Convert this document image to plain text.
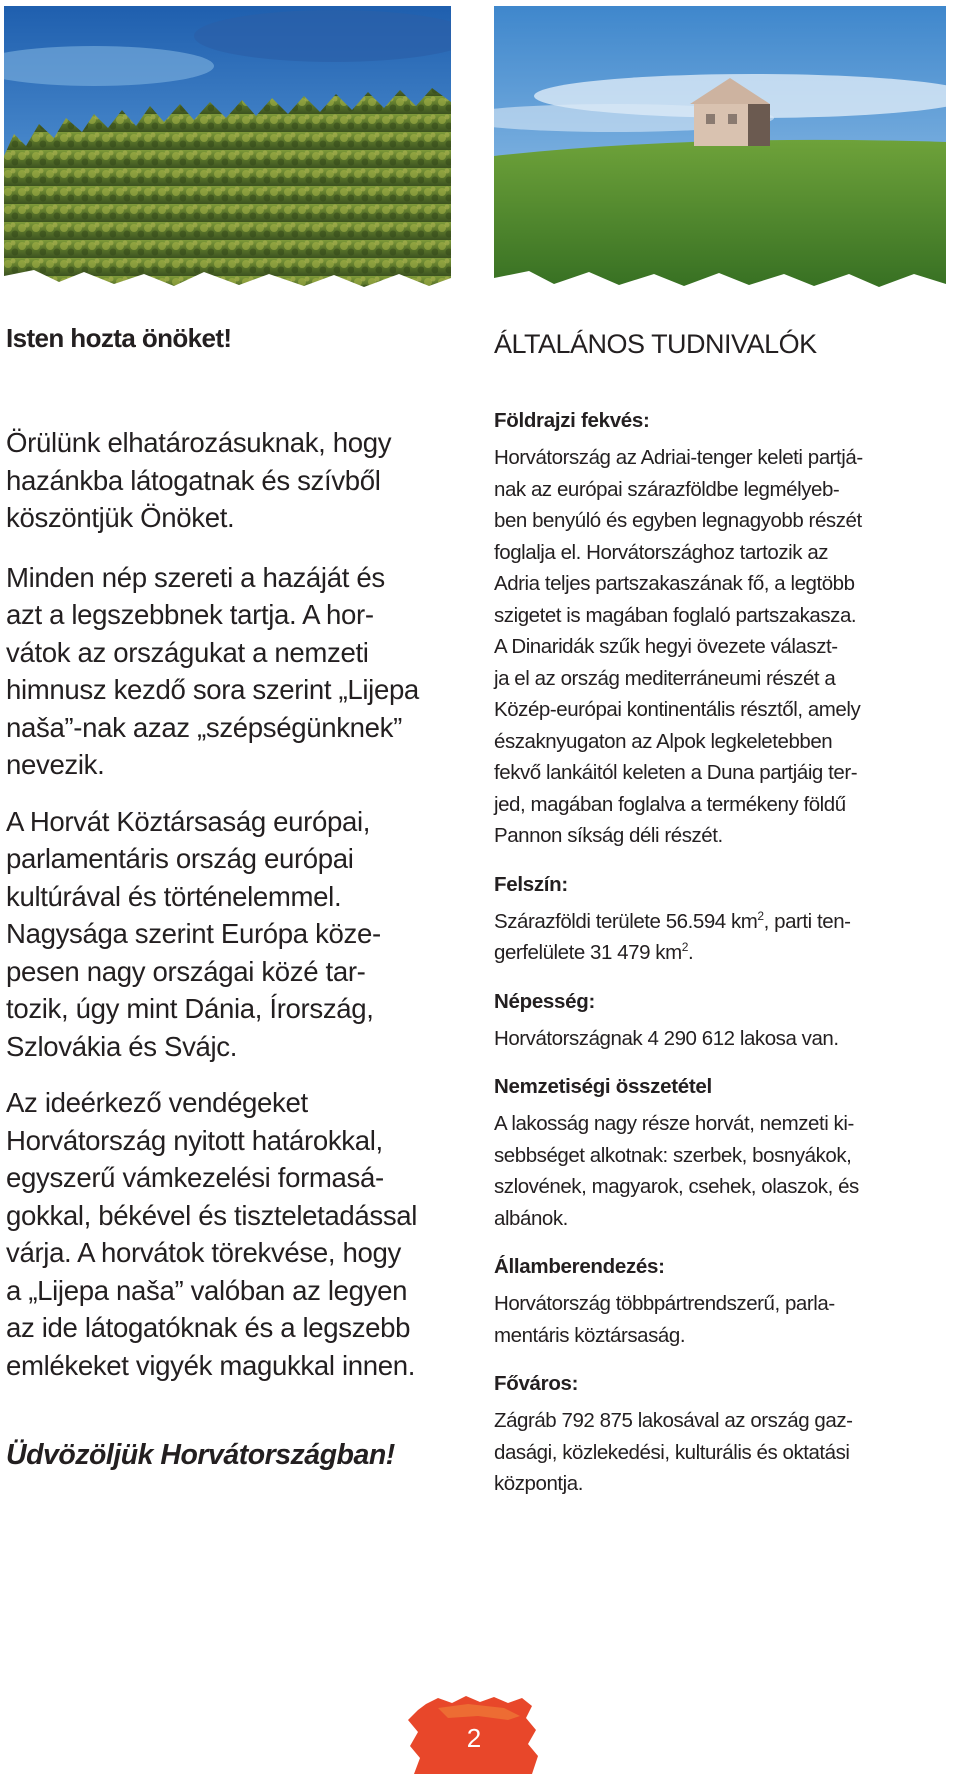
Isten hozta önöket!

Örülünk elhatározásuknak, hogy
hazánkba látogatnak és szívből
köszöntjük Önöket.

Minden nép szereti a hazáját és
azt a legszebbnek tartja. A hor-
vátok az országukat a nemzeti
himnusz kezdő sora szerint „Lijepa
naša”-nak azaz „szépségünknek”
nevezik.

A Horvát Köztársaság európai,
parlamentáris ország európai
kultúrával és történelemmel.
Nagysága szerint Európa köze-
pesen nagy országai közé tar-
tozik, úgy mint Dánia, Írország,
Szlovákia és Svájc.

Az ideérkező vendégeket
Horvátország nyitott határokkal,
egyszerű vámkezelési formasá-
gokkal, békével és tiszteletadással
várja. A horvátok törekvése, hogy
a „Lijepa naša” valóban az legyen
az ide látogatóknak és a legszebb
emlékeket vigyék magukkal innen.

Üdvözöljük Horvátországban!
ÁLTALÁNOS TUDNIVALÓK
Földrajzi fekvés:

Horvátország az Adriai-tenger keleti partjá-
nak az európai szárazföldbe legmélyeb-
ben benyúló és egyben legnagyobb részét
foglalja el. Horvátországhoz tartozik az
Adria teljes partszakaszának fő, a legtöbb
szigetet is magában foglaló partszakasza.
A Dinaridák szűk hegyi övezete választ-
ja el az ország mediterráneumi részét a
Közép-európai kontinentális résztől, amely
északnyugaton az Alpok legkeletebben
fekvő lankáitól keleten a Duna partjáig ter-
jed, magában foglalva a termékeny földű
Pannon síkság déli részét.

Felszín:

Szárazföldi területe 56.594 $km^2$, parti ten-
gerfelülete 31 479 $km^2$.

Népesség:

Horvátországnak 4 290 612 lakosa van.

Nemzetiségi összetétel

A lakosság nagy része horvát, nemzeti ki-
sebbséget alkotnak: szerbek, bosnyákok,
szlovének, magyarok, csehek, olaszok, és
albánok.

Államberendezés:

Horvátország többpártrendszerű, parla-
mentáris köztársaság.

Főváros:

Zágráb 792 875 lakosával az ország gaz-
dasági, közlekedési, kulturális és oktatási
központja.

2
